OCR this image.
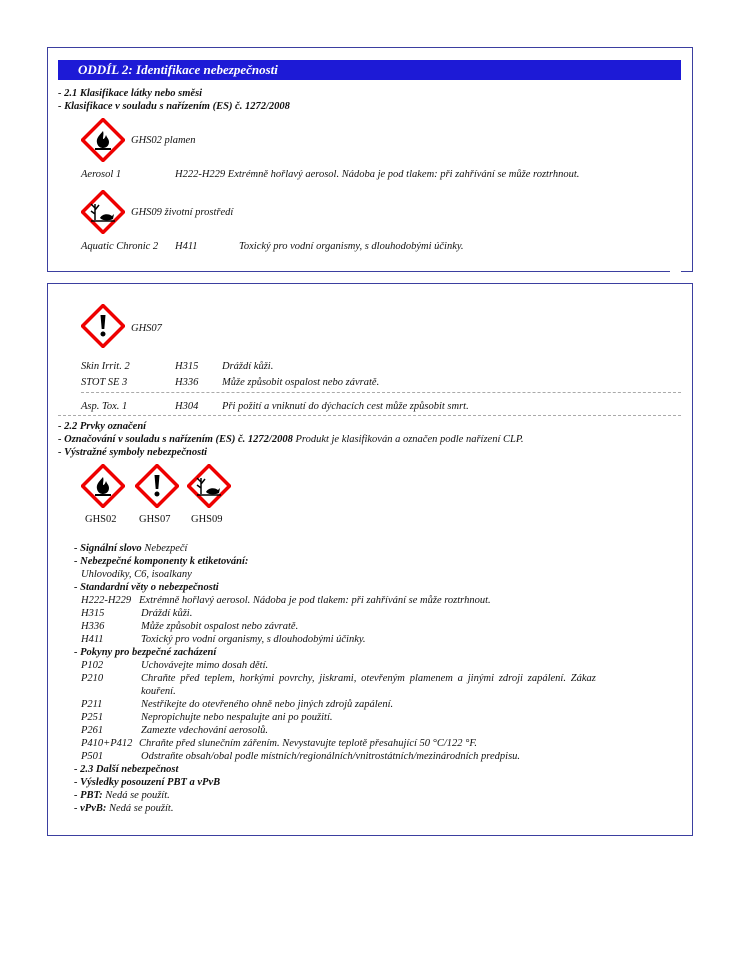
ODDÍL 2: Identifikace nebezpečnosti
- 2.1 Klasifikace látky nebo směsi
- Klasifikace v souladu s nařízením (ES) č. 1272/2008
GHS02 plamen
Aerosol 1	H222-H229 Extrémně hořlavý aerosol. Nádoba je pod tlakem: při zahřívání se může roztrhnout.
GHS09 životní prostředí
Aquatic Chronic 2 H411	Toxický pro vodní organismy, s dlouhodobými účinky.
GHS07
Skin Irrit. 2	H315 Dráždí kůži.
STOT SE 3	H336 Může způsobit ospalost nebo závratě.
Asp. Tox. 1	H304 Při požití a vniknutí do dýchacích cest může způsobit smrt.
- 2.2 Prvky označení
- Označování v souladu s nařízením (ES) č. 1272/2008 Produkt je klasifikován a označen podle nařízení CLP.
- Výstražné symboly nebezpečnosti
GHS02 GHS07 GHS09
- Signální slovo Nebezpečí
- Nebezpečné komponenty k etiketování:
Uhlovodíky, C6, isoalkany
- Standardní věty o nebezpečnosti
H222-H229 Extrémně hořlavý aerosol. Nádoba je pod tlakem: při zahřívání se může roztrhnout.
H315	Dráždí kůži.
H336	Může způsobit ospalost nebo závratě.
H411	Toxický pro vodní organismy, s dlouhodobými účinky.
- Pokyny pro bezpečné zacházení
P102	Uchovávejte mimo dosah dětí.
P210	Chraňte před teplem, horkými povrchy, jiskrami, otevřeným plamenem a jinými zdroji zapálení. Zákaz
kouření.
P211	Nestříkejte do otevřeného ohně nebo jiných zdrojů zapálení.
P251	Nepropichujte nebo nespalujte ani po použití.
P261	Zamezte vdechování aerosolů.
P410+P412 Chraňte před slunečním zářením. Nevystavujte teplotě přesahující 50 °C/122 °F.
P501	Odstraňte obsah/obal podle místních/regionálních/vnitrostátních/mezinárodních predpisu.
- 2.3 Další nebezpečnost
- Výsledky posouzení PBT a vPvB
- PBT: Nedá se použít.
- vPvB: Nedá se použít.
